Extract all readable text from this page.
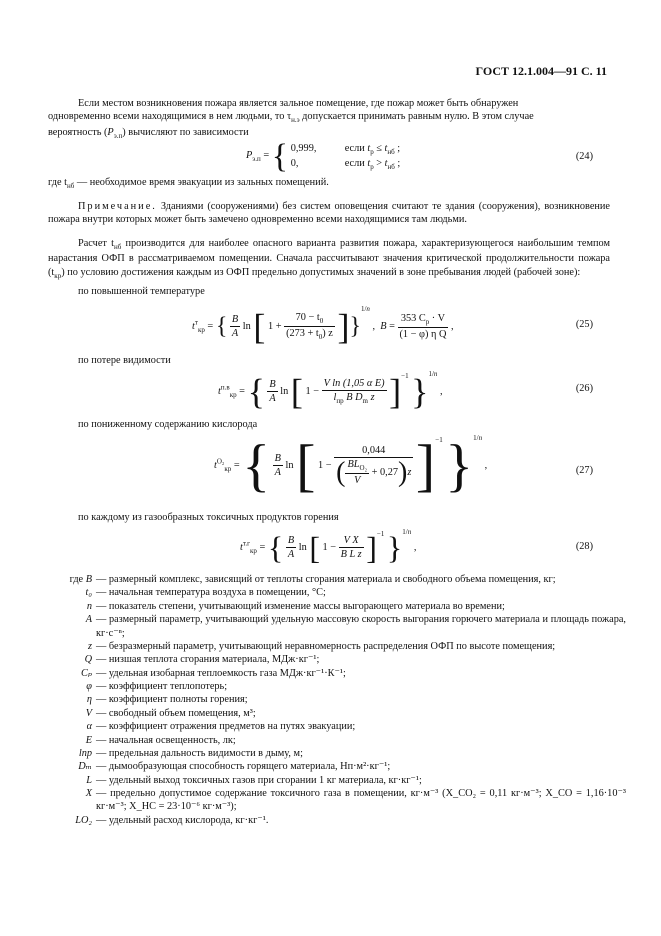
ГОСТ 12.1.004—91 С. 11

Если местом возникновения пожара является зальное помещение, где пожар может быть обнаружен

одновременно всеми находящимися в нем людьми, то $\tau_{н.э}$ допускается принимать равным нулю. В этом случае

вероятность $(P_{э.п})$ вычисляют по зависимости

$P_{э.п}$ = { 0,999,	если $t_р \le t_{нб}$ ;
0,	если $t_р > t_{нб}$ ;
(24)
где $t_{нб}$ — необходимое время эвакуации из зальных помещений.

Примечание. Зданиями (сооружениями) без систем оповещения считают те здания (сооружения), возникновение пожара внутри которых может быть замечено одновременно всеми находящимися там людьми.

Расчет $t_{нб}$ производится для наиболее опасного варианта развития пожара, характеризующегося наибольшим темпом нарастания ОФП в рассматриваемом помещении. Сначала рассчитывают значения критической продолжительности пожара $(t_{кр})$ по условию достижения каждым из ОФП предельно допустимых значений в зоне пребывания людей (рабочей зоне):

по повышенной температуре
$t^т_{кр}$ = { $\frac{B}{A}$ ln [ $1 + \frac{70 - t_0}{(273 + t_0) z} ]\}^{1/n}$ ,  $B = \frac{353 C_p \cdot V}{\text{(1 − φ) η Q}}$ ,	(25)
по потере видимости
$t^{п.в}_{кр}$ = { $\frac{B}{A}$ ln [ $1 - \frac{\text{V ln (1,05 α E)}}{l_{пр} B D_m z} ]^{-1}$ }$^{1/n}$ ,	(26)
по пониженному содержанию кислорода
$t^{O_2}_{кр}$ = { $\frac{B}{A}$ ln [ $1 - \frac{0,044}{( \frac{BL_{O_2}}{V} + 0,27)z} ]^{-1}$ }$^{1/n}$ ,	(27)
по каждому из газообразных токсичных продуктов горения
$t^{т.г}_{кр}$ = { $\frac{B}{A}$ ln [ $1 - \frac{\text{V X}}{\text{B L z}} ]^{-1}$ }$^{1/n}$ ,	(28)
где B — размерный комплекс, зависящий от теплоты сгорания материала и свободного объема помещения, кг;
t₀ — начальная температура воздуха в помещении, °С;
n — показатель степени, учитывающий изменение массы выгорающего материала во времени;
A — размерный параметр, учитывающий удельную массовую скорость выгорания горючего материала и площадь пожара, кг·с⁻ⁿ;
z — безразмерный параметр, учитывающий неравномерность распределения ОФП по высоте помещения;
Q — низшая теплота сгорания материала, МДж·кг⁻¹;
Cₚ — удельная изобарная теплоемкость газа МДж·кг⁻¹·К⁻¹;
φ — коэффициент теплопотерь;
η — коэффициент полноты горения;
V — свободный объем помещения, м³;
α — коэффициент отражения предметов на путях эвакуации;
E — начальная освещенность, лк;
lпр — предельная дальность видимости в дыму, м;
Dₘ — дымообразующая способность горящего материала, Нп·м²·кг⁻¹;
L — удельный выход токсичных газов при сгорании 1 кг материала, кг·кг⁻¹;
X — предельно допустимое содержание токсичного газа в помещении, кг·м⁻³ (X_CO₂ = 0,11 кг·м⁻³; X_CO = 1,16·10⁻³ кг·м⁻³; X_HC = 23·10⁻⁶ кг·м⁻³);
LO₂ — удельный расход кислорода, кг·кг⁻¹.
